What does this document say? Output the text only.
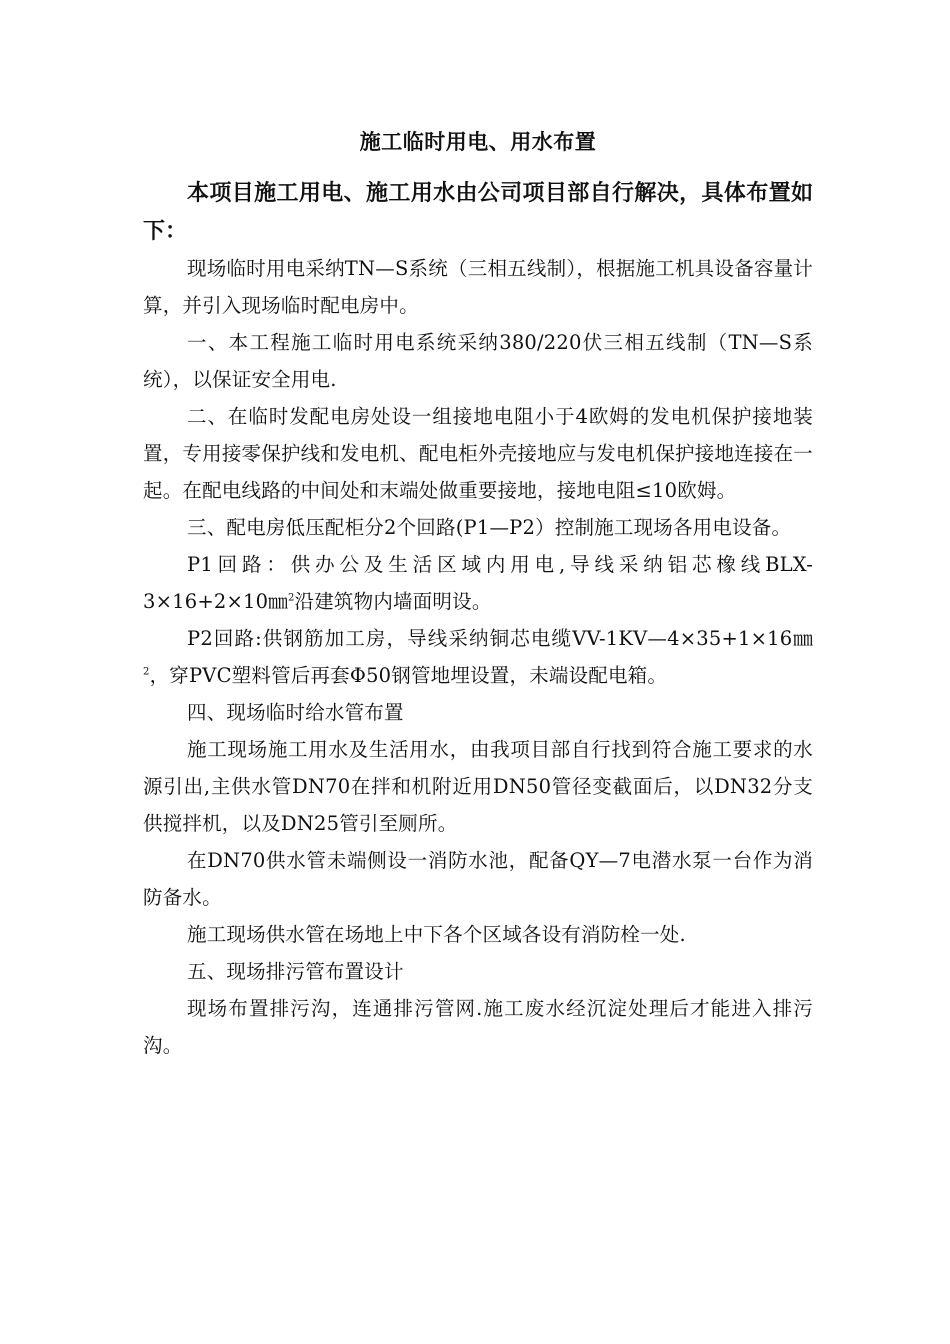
施工临时用电、用水布置

本项目施工用电、施工用水由公司项目部自行解决，具体布置如下：

现场临时用电采纳TN—S系统（三相五线制），根据施工机具设备容量计算，并引入现场临时配电房中。

一、本工程施工临时用电系统采纳380/220伏三相五线制（TN—S系统），以保证安全用电.

二、在临时发配电房处设一组接地电阻小于4欧姆的发电机保护接地装置，专用接零保护线和发电机、配电柜外壳接地应与发电机保护接地连接在一起。在配电线路的中间处和末端处做重要接地，接地电阻≤10欧姆。

三、配电房低压配柜分2个回路(P1—P2）控制施工现场各用电设备。

P1回路：供办公及生活区域内用电,导线采纳铝芯橡线BLX-3×16+2×10㎜$^2$沿建筑物内墙面明设。

P2回路:供钢筋加工房，导线采纳铜芯电缆VV-1KV—4×35+1×16㎜$^2$，穿PVC塑料管后再套Φ50钢管地埋设置，未端设配电箱。

四、现场临时给水管布置

施工现场施工用水及生活用水，由我项目部自行找到符合施工要求的水源引出,主供水管DN70在拌和机附近用DN50管径变截面后，以DN32分支供搅拌机，以及DN25管引至厕所。

在DN70供水管未端侧设一消防水池，配备QY—7电潜水泵一台作为消防备水。

施工现场供水管在场地上中下各个区域各设有消防栓一处.

五、现场排污管布置设计

现场布置排污沟，连通排污管网.施工废水经沉淀处理后才能进入排污沟。
